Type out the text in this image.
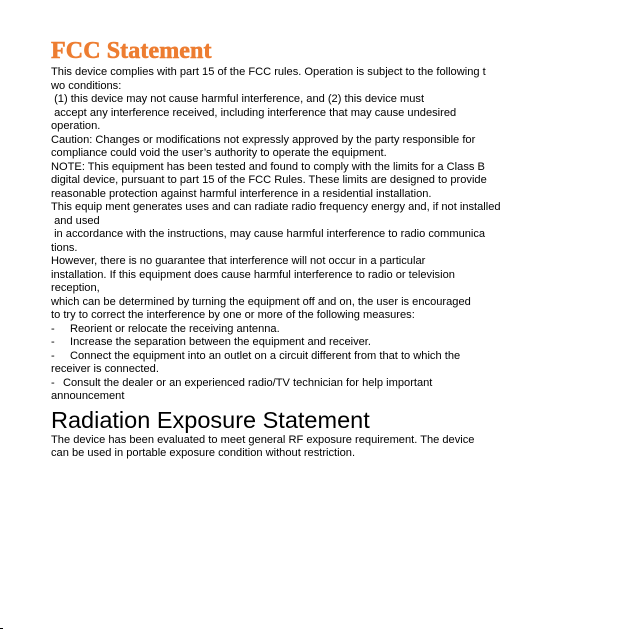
FCC Statement

This device complies with part 15 of the FCC rules. Operation is subject to the following t

wo conditions:

(1) this device may not cause harmful interference, and (2) this device must

accept any interference received, including interference that may cause undesired

operation.

Caution: Changes or modifications not expressly approved by the party responsible for

compliance could void the user’s authority to operate the equipment.

NOTE: This equipment has been tested and found to comply with the limits for a Class B

digital device, pursuant to part 15 of the FCC Rules. These limits are designed to provide

reasonable protection against harmful interference in a residential installation.

This equip ment generates uses and can radiate radio frequency energy and, if not installed

and used

in accordance with the instructions, may cause harmful interference to radio communica

tions.

However, there is no guarantee that interference will not occur in a particular

installation. If this equipment does cause harmful interference to radio or television

reception,

which can be determined by turning the equipment off and on, the user is encouraged

to try to correct the interference by one or more of the following measures:

- Reorient or relocate the receiving antenna.

- Increase the separation between the equipment and receiver.

- Connect the equipment into an outlet on a circuit different from that to which the

receiver is connected.

- Consult the dealer or an experienced radio/TV technician for help important

announcement

Radiation Exposure Statement

The device has been evaluated to meet general RF exposure requirement. The device

can be used in portable exposure condition without restriction.
